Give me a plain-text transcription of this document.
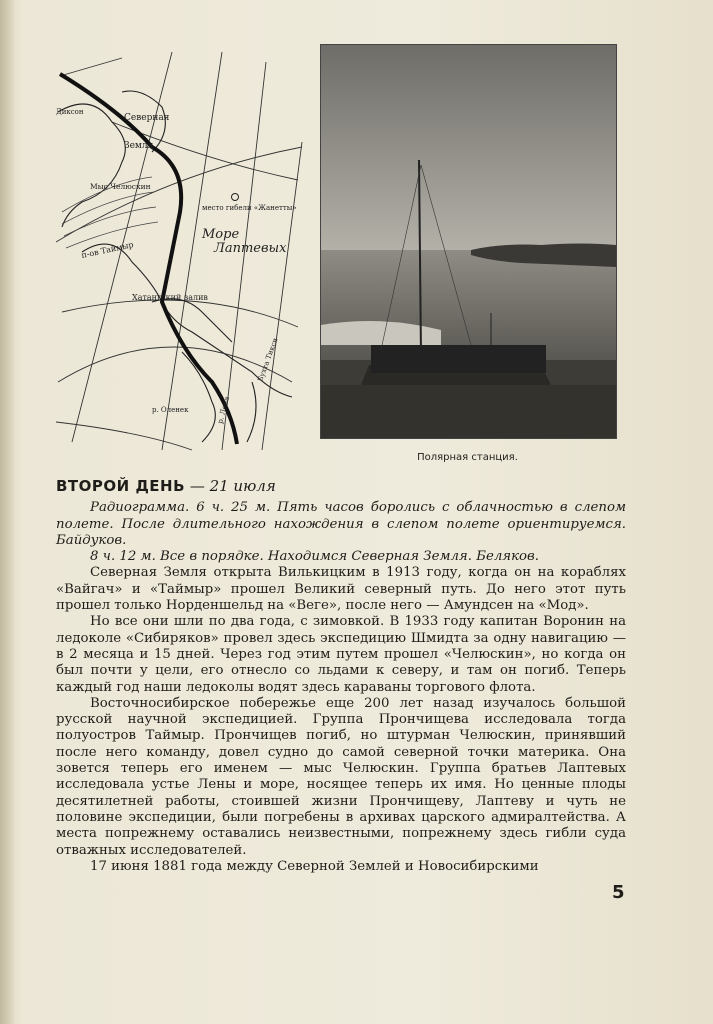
Северная
Земля
Мыс Челюскин
место гибели «Жанетты»
Море
Лаптевых
п-ов Таймыр
Хатангский залив
Бухта Тикси
р. Оленек	р. Лена
Диксон
Полярная станция.
ВТОРОЙ ДЕНЬ — 21 июля

Радиограмма. 6 ч. 25 м. Пять часов боролись с облачностью в слепом полете. После длительного нахождения в слепом полете ориентируемся. Байдуков.

8 ч. 12 м. Все в порядке. Находимся Северная Земля. Беляков.

Северная Земля открыта Вилькицким в 1913 году, когда он на кораблях «Вайгач» и «Таймыр» прошел Великий северный путь. До него этот путь прошел только Норденшельд на «Веге», после него — Амундсен на «Мод».

Но все они шли по два года, с зимовкой. В 1933 году капитан Воронин на ледоколе «Сибиряков» провел здесь экспедицию Шмидта за одну навигацию — в 2 месяца и 15 дней. Через год этим путем прошел «Челюскин», но когда он был почти у цели, его отнесло со льдами к северу, и там он погиб. Теперь каждый год наши ледоколы водят здесь караваны торгового флота.

Восточносибирское побережье еще 200 лет назад изучалось большой русской научной экспедицией. Группа Прончищева исследовала тогда полуостров Таймыр. Прончищев погиб, но штурман Челюскин, принявший после него команду, довел судно до самой северной точки материка. Она зовется теперь его именем — мыс Челюскин. Группа братьев Лаптевых исследовала устье Лены и море, носящее теперь их имя. Но ценные плоды десятилетней работы, стоившей жизни Прончищеву, Лаптеву и чуть не половине экспедиции, были погребены в архивах царского адмиралтейства. А места попрежнему оставались неизвестными, попрежнему здесь гибли суда отважных исследователей.

17 июня 1881 года между Северной Землей и Новосибирскими

5
